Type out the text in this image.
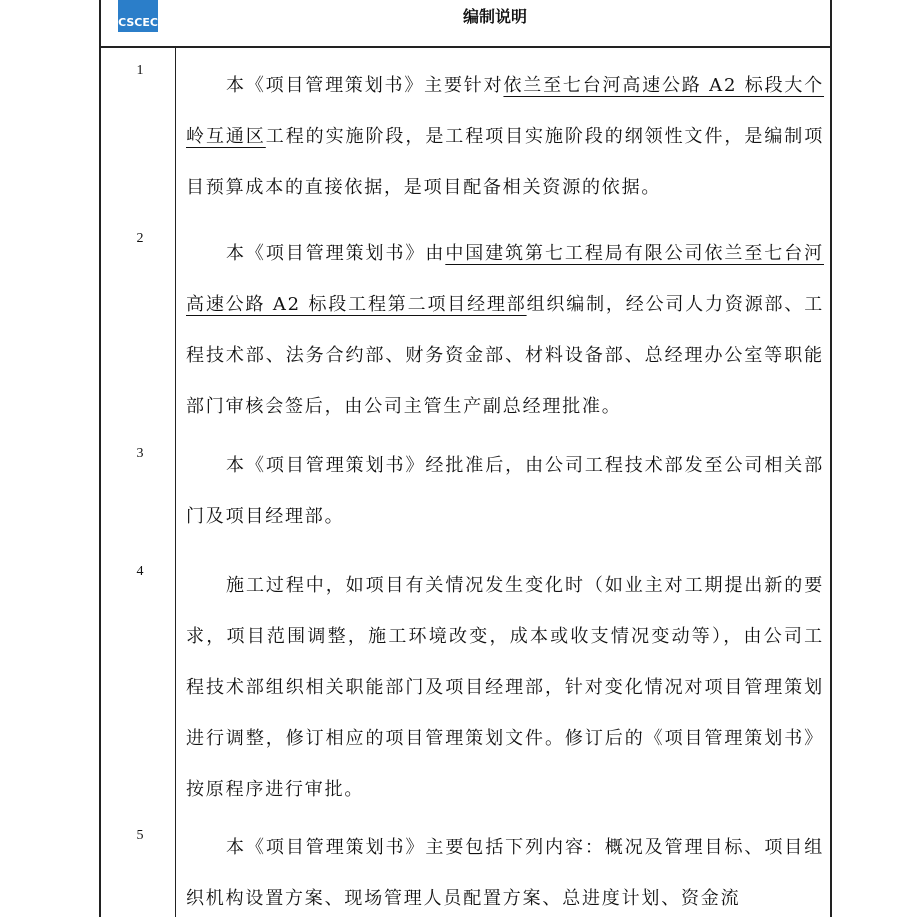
CSCEC	编制说明
1
本《项目管理策划书》主要针对依兰至七台河高速公路 A2 标段大个岭互通区工程的实施阶段，是工程项目实施阶段的纲领性文件，是编制项目预算成本的直接依据，是项目配备相关资源的依据。
2
本《项目管理策划书》由中国建筑第七工程局有限公司依兰至七台河高速公路 A2 标段工程第二项目经理部组织编制，经公司人力资源部、工程技术部、法务合约部、财务资金部、材料设备部、总经理办公室等职能部门审核会签后，由公司主管生产副总经理批准。
3
本《项目管理策划书》经批准后，由公司工程技术部发至公司相关部门及项目经理部。
4
施工过程中，如项目有关情况发生变化时（如业主对工期提出新的要求，项目范围调整，施工环境改变，成本或收支情况变动等），由公司工程技术部组织相关职能部门及项目经理部，针对变化情况对项目管理策划进行调整，修订相应的项目管理策划文件。修订后的《项目管理策划书》按原程序进行审批。
5
本《项目管理策划书》主要包括下列内容：概况及管理目标、项目组织机构设置方案、现场管理人员配置方案、总进度计划、资金流
